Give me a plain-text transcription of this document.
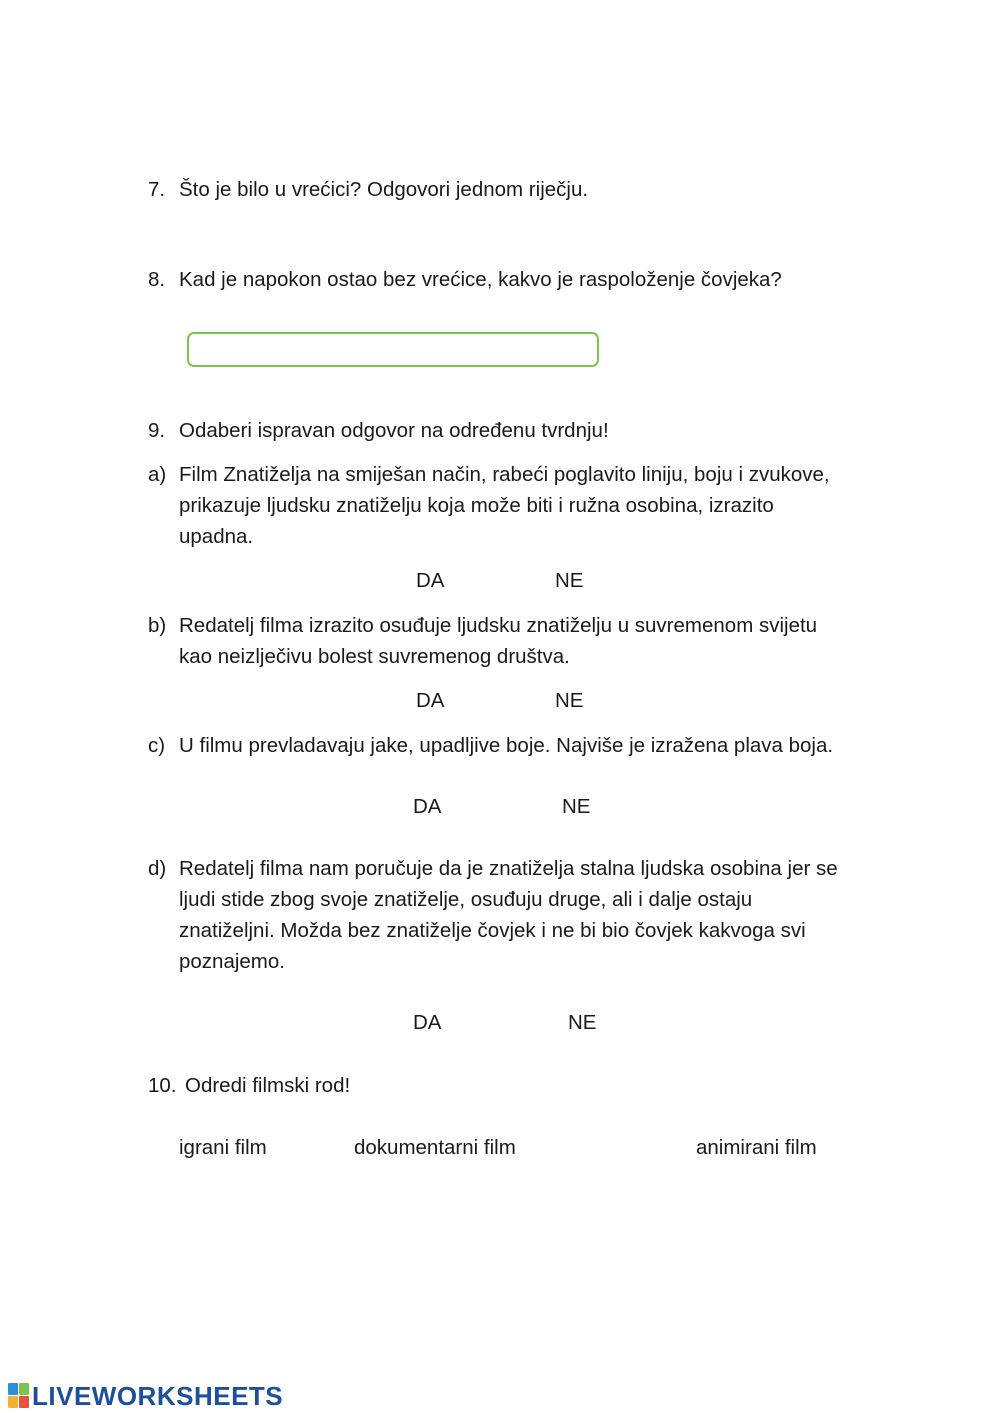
7. Što je bilo u vrećici? Odgovori jednom riječju.
8. Kad je napokon ostao bez vrećice, kakvo je raspoloženje čovjeka?
9. Odaberi ispravan odgovor na određenu tvrdnju!
a) Film Znatiželja na smiješan način, rabeći poglavito liniju, boju i zvukove,
prikazuje ljudsku znatiželju koja može biti i ružna osobina, izrazito
upadna.
DA	NE
b) Redatelj filma izrazito osuđuje ljudsku znatiželju u suvremenom svijetu
kao neizlječivu bolest suvremenog društva.
DA	NE
c) U filmu prevladavaju jake, upadljive boje. Najviše je izražena plava boja.
DA	NE
d) Redatelj filma nam poručuje da je znatiželja stalna ljudska osobina jer se
ljudi stide zbog svoje znatiželje, osuđuju druge, ali i dalje ostaju
znatiželjni. Možda bez znatiželje čovjek i ne bi bio čovjek kakvoga svi
poznajemo.
DA	NE
10. Odredi filmski rod!
igrani film	dokumentarni film	animirani film
LIVEWORKSHEETS
